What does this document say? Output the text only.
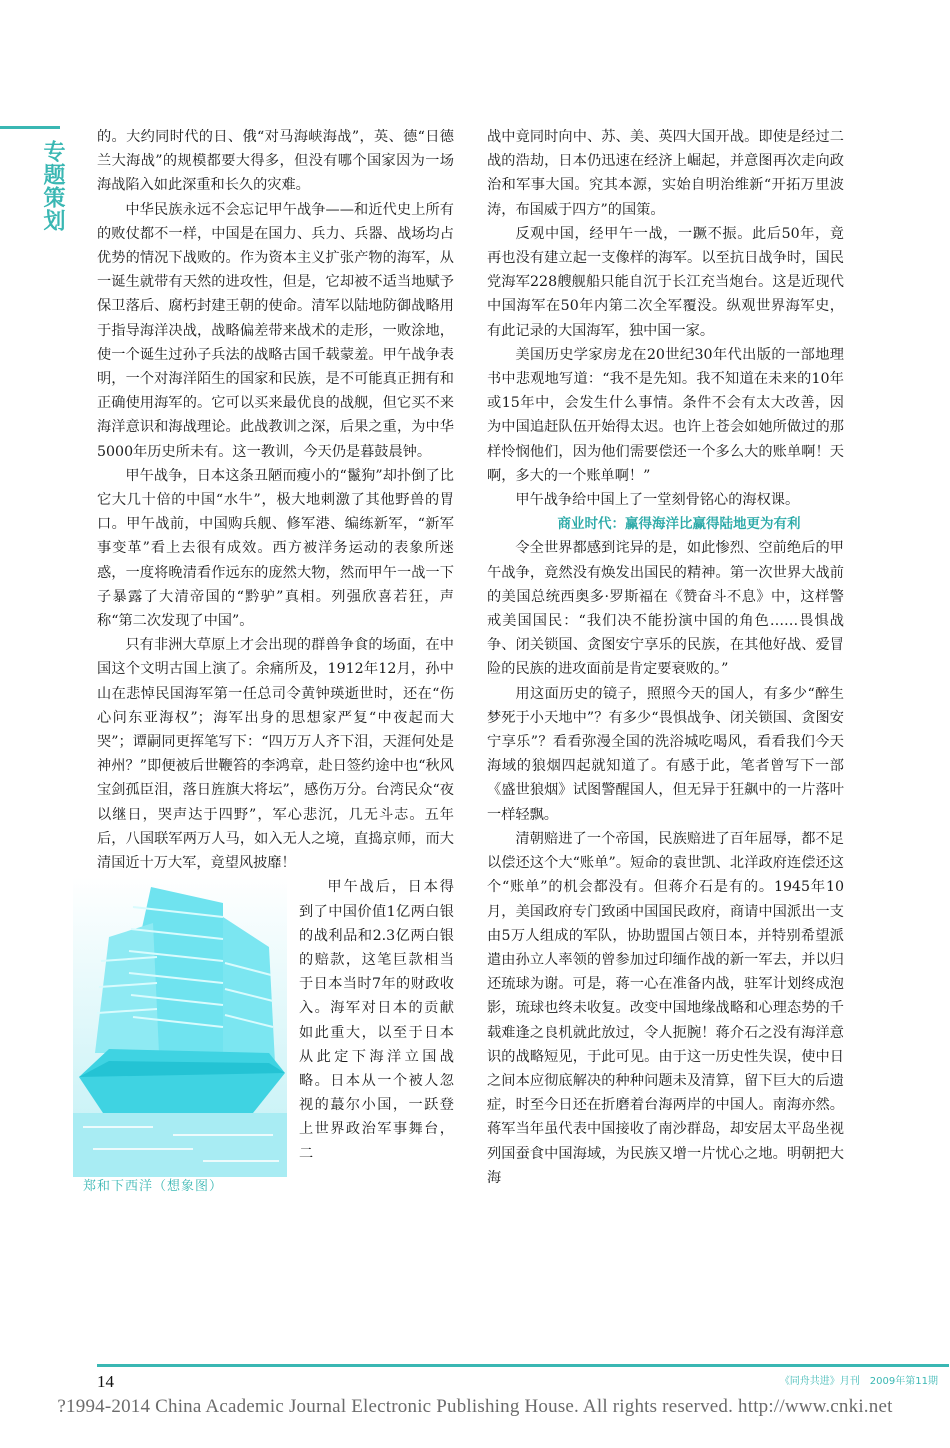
专题策划

的。大约同时代的日、俄“对马海峡海战”，英、德“日德兰大海战”的规模都要大得多，但没有哪个国家因为一场海战陷入如此深重和长久的灾难。

中华民族永远不会忘记甲午战争——和近代史上所有的败仗都不一样，中国是在国力、兵力、兵器、战场均占优势的情况下战败的。作为资本主义扩张产物的海军，从一诞生就带有天然的进攻性，但是，它却被不适当地赋予保卫落后、腐朽封建王朝的使命。清军以陆地防御战略用于指导海洋决战，战略偏差带来战术的走形，一败涂地，使一个诞生过孙子兵法的战略古国千载蒙羞。甲午战争表明，一个对海洋陌生的国家和民族，是不可能真正拥有和正确使用海军的。它可以买来最优良的战舰，但它买不来海洋意识和海战理论。此战教训之深，后果之重，为中华5000年历史所未有。这一教训，今天仍是暮鼓晨钟。

甲午战争，日本这条丑陋而瘦小的“鬣狗”却扑倒了比它大几十倍的中国“水牛”，极大地刺激了其他野兽的胃口。甲午战前，中国购兵舰、修军港、编练新军，“新军事变革”看上去很有成效。西方被洋务运动的表象所迷惑，一度将晚清看作远东的庞然大物，然而甲午一战一下子暴露了大清帝国的“黔驴”真相。列强欣喜若狂，声称“第二次发现了中国”。

只有非洲大草原上才会出现的群兽争食的场面，在中国这个文明古国上演了。余痛所及，1912年12月，孙中山在悲悼民国海军第一任总司令黄钟瑛逝世时，还在“伤心问东亚海权”；海军出身的思想家严复“中夜起而大哭”；谭嗣同更挥笔写下：“四万万人齐下泪，天涯何处是神州？”即便被后世鞭笞的李鸿章，赴日签约途中也“秋风宝剑孤臣泪，落日旌旗大将坛”，感伤万分。台湾民众“夜以继日，哭声达于四野”，军心悲沉，几无斗志。五年后，八国联军两万人马，如入无人之境，直捣京师，而大清国近十万大军，竟望风披靡！

郑和下西洋（想象图）

甲午战后，日本得到了中国价值1亿两白银的战利品和2.3亿两白银的赔款，这笔巨款相当于日本当时7年的财政收入。海军对日本的贡献如此重大，以至于日本从此定下海洋立国战略。日本从一个被人忽视的蕞尔小国，一跃登上世界政治军事舞台，二

战中竟同时向中、苏、美、英四大国开战。即使是经过二战的浩劫，日本仍迅速在经济上崛起，并意图再次走向政治和军事大国。究其本源，实始自明治维新“开拓万里波涛，布国威于四方”的国策。

反观中国，经甲午一战，一蹶不振。此后50年，竟再也没有建立起一支像样的海军。以至抗日战争时，国民党海军228艘舰船只能自沉于长江充当炮台。这是近现代中国海军在50年内第二次全军覆没。纵观世界海军史，有此记录的大国海军，独中国一家。

美国历史学家房龙在20世纪30年代出版的一部地理书中悲观地写道：“我不是先知。我不知道在未来的10年或15年中，会发生什么事情。条件不会有太大改善，因为中国追赶队伍开始得太迟。也许上苍会如她所做过的那样怜悯他们，因为他们需要偿还一个多么大的账单啊！天啊，多大的一个账单啊！”

甲午战争给中国上了一堂刻骨铭心的海权课。

商业时代：赢得海洋比赢得陆地更为有利

令全世界都感到诧异的是，如此惨烈、空前绝后的甲午战争，竟然没有焕发出国民的精神。第一次世界大战前的美国总统西奥多·罗斯福在《赞奋斗不息》中，这样警戒美国国民：“我们决不能扮演中国的角色……畏惧战争、闭关锁国、贪图安宁享乐的民族，在其他好战、爱冒险的民族的进攻面前是肯定要衰败的。”

用这面历史的镜子，照照今天的国人，有多少“醉生梦死于小天地中”？有多少“畏惧战争、闭关锁国、贪图安宁享乐”？看看弥漫全国的洗浴城吃喝风，看看我们今天海域的狼烟四起就知道了。有感于此，笔者曾写下一部《盛世狼烟》试图警醒国人，但无异于狂飙中的一片落叶一样轻飘。

清朝赔进了一个帝国，民族赔进了百年屈辱，都不足以偿还这个大“账单”。短命的袁世凯、北洋政府连偿还这个“账单”的机会都没有。但蒋介石是有的。1945年10月，美国政府专门致函中国国民政府，商请中国派出一支由5万人组成的军队，协助盟国占领日本，并特别希望派遣由孙立人率领的曾参加过印缅作战的新一军去，并以归还琉球为谢。可是，蒋一心在准备内战，驻军计划终成泡影，琉球也终未收复。改变中国地缘战略和心理态势的千载难逢之良机就此放过，令人扼腕！蒋介石之没有海洋意识的战略短见，于此可见。由于这一历史性失误，使中日之间本应彻底解决的种种问题未及清算，留下巨大的后遗症，时至今日还在折磨着台海两岸的中国人。南海亦然。蒋军当年虽代表中国接收了南沙群岛，却安居太平岛坐视列国蚕食中国海域，为民族又增一片忧心之地。明朝把大海

14	《同舟共进》月刊　2009年第11期
?1994-2014 China Academic Journal Electronic Publishing House. All rights reserved. http://www.cnki.net
